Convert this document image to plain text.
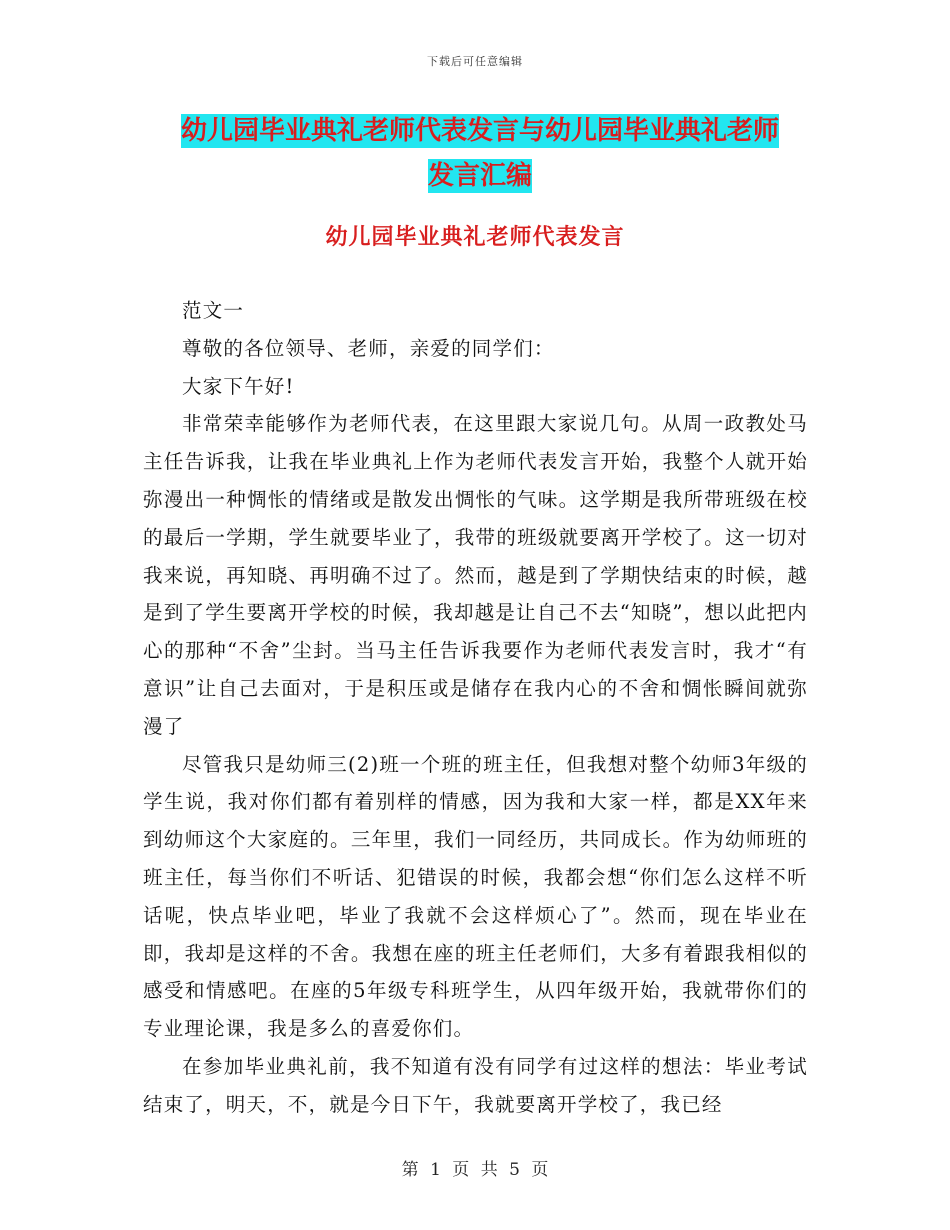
下载后可任意编辑
幼儿园毕业典礼老师代表发言与幼儿园毕业典礼老师
发言汇编
幼儿园毕业典礼老师代表发言

范文一

尊敬的各位领导、老师，亲爱的同学们：

大家下午好!

非常荣幸能够作为老师代表，在这里跟大家说几句。从周一政教处马主任告诉我，让我在毕业典礼上作为老师代表发言开始，我整个人就开始弥漫出一种惆怅的情绪或是散发出惆怅的气味。这学期是我所带班级在校的最后一学期，学生就要毕业了，我带的班级就要离开学校了。这一切对我来说，再知晓、再明确不过了。然而，越是到了学期快结束的时候，越是到了学生要离开学校的时候，我却越是让自己不去“知晓”，想以此把内心的那种“不舍”尘封。当马主任告诉我要作为老师代表发言时，我才“有意识”让自己去面对，于是积压或是储存在我内心的不舍和惆怅瞬间就弥漫了

尽管我只是幼师三(2)班一个班的班主任，但我想对整个幼师3年级的学生说，我对你们都有着别样的情感，因为我和大家一样，都是XX年来到幼师这个大家庭的。三年里，我们一同经历，共同成长。作为幼师班的班主任，每当你们不听话、犯错误的时候，我都会想“你们怎么这样不听话呢，快点毕业吧，毕业了我就不会这样烦心了”。然而，现在毕业在即，我却是这样的不舍。我想在座的班主任老师们，大多有着跟我相似的感受和情感吧。在座的5年级专科班学生，从四年级开始，我就带你们的专业理论课，我是多么的喜爱你们。

在参加毕业典礼前，我不知道有没有同学有过这样的想法：毕业考试结束了，明天，不，就是今日下午，我就要离开学校了，我已经

第 1 页 共 5 页
